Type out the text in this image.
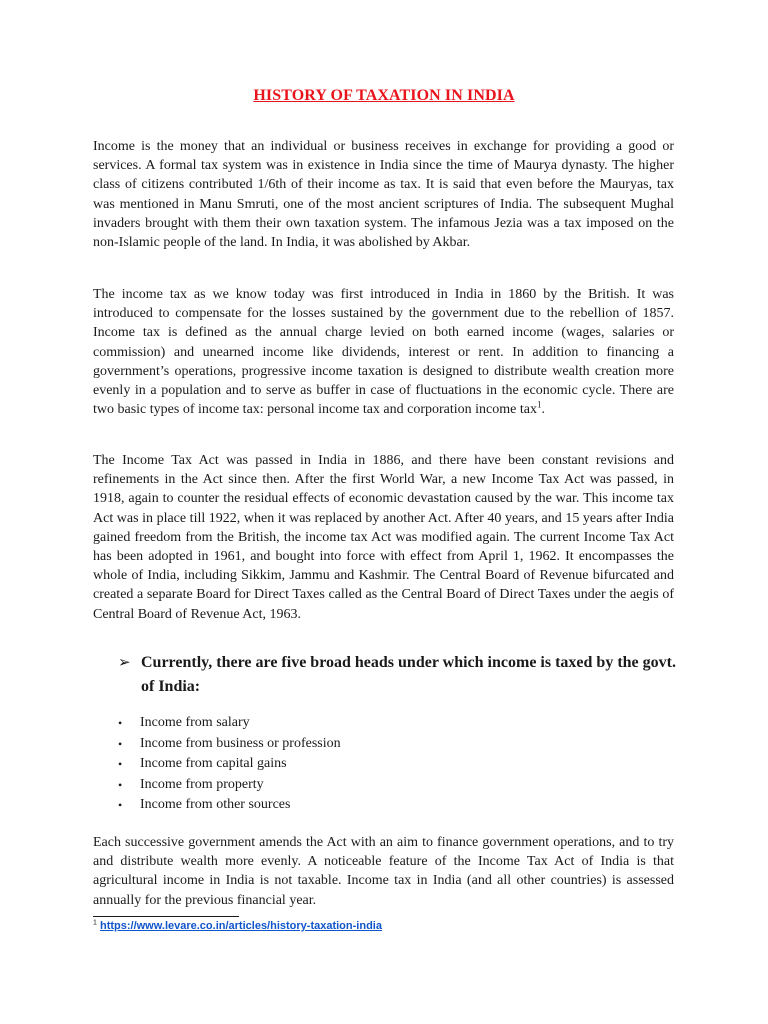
HISTORY OF TAXATION IN INDIA

Income is the money that an individual or business receives in exchange for providing a good or services. A formal tax system was in existence in India since the time of Maurya dynasty. The higher class of citizens contributed 1/6th of their income as tax. It is said that even before the Mauryas, tax was mentioned in Manu Smruti, one of the most ancient scriptures of India. The subsequent Mughal invaders brought with them their own taxation system. The infamous Jezia was a tax imposed on the non-Islamic people of the land. In India, it was abolished by Akbar.

The income tax as we know today was first introduced in India in 1860 by the British. It was introduced to compensate for the losses sustained by the government due to the rebellion of 1857. Income tax is defined as the annual charge levied on both earned income (wages, salaries or commission) and unearned income like dividends, interest or rent. In addition to financing a government’s operations, progressive income taxation is designed to distribute wealth creation more evenly in a population and to serve as buffer in case of fluctuations in the economic cycle. There are two basic types of income tax: personal income tax and corporation income tax$^1$.

The Income Tax Act was passed in India in 1886, and there have been constant revisions and refinements in the Act since then. After the first World War, a new Income Tax Act was passed, in 1918, again to counter the residual effects of economic devastation caused by the war. This income tax Act was in place till 1922, when it was replaced by another Act. After 40 years, and 15 years after India gained freedom from the British, the income tax Act was modified again. The current Income Tax Act has been adopted in 1961, and bought into force with effect from April 1, 1962. It encompasses the whole of India, including Sikkim, Jammu and Kashmir. The Central Board of Revenue bifurcated and created a separate Board for Direct Taxes called as the Central Board of Direct Taxes under the aegis of Central Board of Revenue Act, 1963.

➢ Currently, there are five broad heads under which income is taxed by the govt. of India:
• Income from salary
• Income from business or profession
• Income from capital gains
• Income from property
• Income from other sources

Each successive government amends the Act with an aim to finance government operations, and to try and distribute wealth more evenly. A noticeable feature of the Income Tax Act of India is that agricultural income in India is not taxable. Income tax in India (and all other countries) is assessed annually for the previous financial year.

$^1$ https://www.levare.co.in/articles/history-taxation-india
